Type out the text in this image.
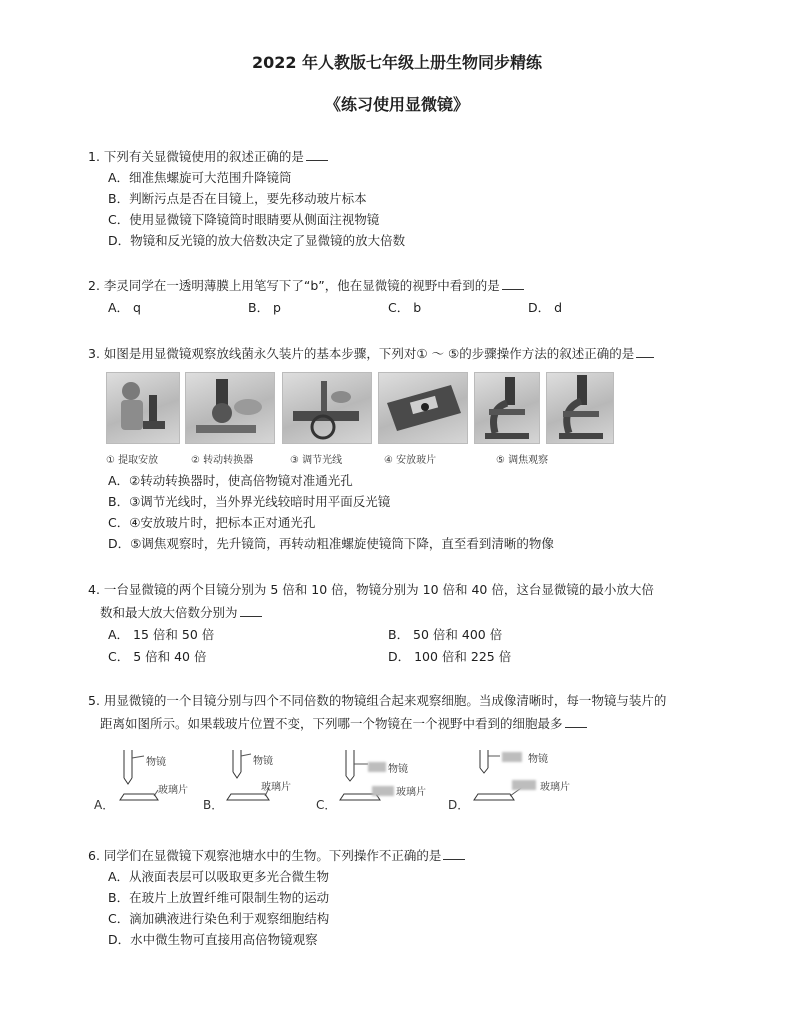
2022 年人教版七年级上册生物同步精练
《练习使用显微镜》
1. 下列有关显微镜使用的叙述正确的是
A．细准焦螺旋可大范围升降镜筒
B．判断污点是否在目镜上，要先移动玻片标本
C．使用显微镜下降镜筒时眼睛要从侧面注视物镜
D．物镜和反光镜的放大倍数决定了显微镜的放大倍数
2. 李灵同学在一透明薄膜上用笔写下了“b”，他在显微镜的视野中看到的是
A． q	B． p	C． b	D． d
3. 如图是用显微镜观察放线菌永久装片的基本步骤，下列对① ～ ⑤的步骤操作方法的叙述正确的是
① 提取安放	② 转动转换器	③ 调节光线	④ 安放玻片	⑤ 调焦观察
A．②转动转换器时，使高倍物镜对准通光孔
B．③调节光线时，当外界光线较暗时用平面反光镜
C．④安放玻片时，把标本正对通光孔
D．⑤调焦观察时，先升镜筒，再转动粗准螺旋使镜筒下降，直至看到清晰的物像
4. 一台显微镜的两个目镜分别为 5 倍和 10 倍，物镜分别为 10 倍和 40 倍，这台显微镜的最小放大倍
数和最大放大倍数分别为
A． 15 倍和 50 倍	B． 50 倍和 400 倍
C． 5 倍和 40 倍	D． 100 倍和 225 倍
5. 用显微镜的一个目镜分别与四个不同倍数的物镜组合起来观察细胞。当成像清晰时，每一物镜与装片的
距离如图所示。如果载玻片位置不变，下列哪一个物镜在一个视野中看到的细胞最多
物镜
玻璃片
A．
物镜
玻璃片
B．
物镜
玻璃片
C．
物镜
玻璃片
D．
6. 同学们在显微镜下观察池塘水中的生物。下列操作不正确的是
A．从液面表层可以吸取更多光合微生物
B．在玻片上放置纤维可限制生物的运动
C．滴加碘液进行染色利于观察细胞结构
D．水中微生物可直接用高倍物镜观察
